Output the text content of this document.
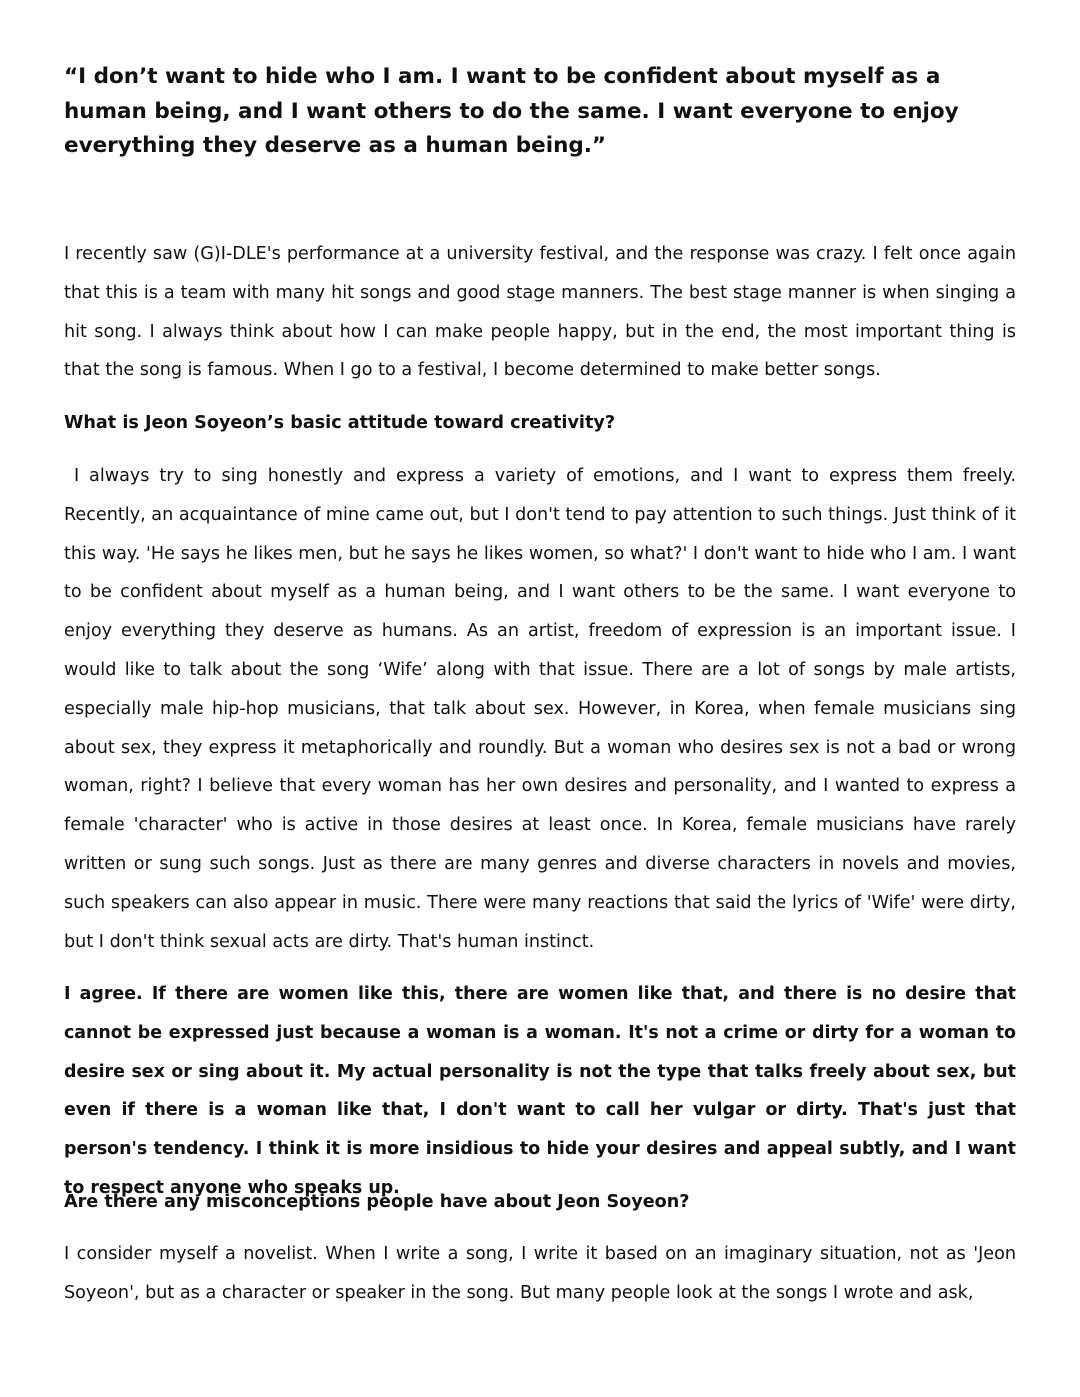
“I don’t want to hide who I am. I want to be confident about myself as a human being, and I want others to do the same. I want everyone to enjoy everything they deserve as a human being.”

I recently saw (G)I-DLE's performance at a university festival, and the response was crazy. I felt once again that this is a team with many hit songs and good stage manners. The best stage manner is when singing a hit song. I always think about how I can make people happy, but in the end, the most important thing is that the song is famous. When I go to a festival, I become determined to make better songs.

What is Jeon Soyeon’s basic attitude toward creativity?

I always try to sing honestly and express a variety of emotions, and I want to express them freely. Recently, an acquaintance of mine came out, but I don't tend to pay attention to such things. Just think of it this way. 'He says he likes men, but he says he likes women, so what?' I don't want to hide who I am. I want to be confident about myself as a human being, and I want others to be the same. I want everyone to enjoy everything they deserve as humans. As an artist, freedom of expression is an important issue. I would like to talk about the song ‘Wife’ along with that issue. There are a lot of songs by male artists, especially male hip-hop musicians, that talk about sex. However, in Korea, when female musicians sing about sex, they express it metaphorically and roundly. But a woman who desires sex is not a bad or wrong woman, right? I believe that every woman has her own desires and personality, and I wanted to express a female 'character' who is active in those desires at least once. In Korea, female musicians have rarely written or sung such songs. Just as there are many genres and diverse characters in novels and movies, such speakers can also appear in music. There were many reactions that said the lyrics of 'Wife' were dirty, but I don't think sexual acts are dirty. That's human instinct.

I agree. If there are women like this, there are women like that, and there is no desire that cannot be expressed just because a woman is a woman. It's not a crime or dirty for a woman to desire sex or sing about it. My actual personality is not the type that talks freely about sex, but even if there is a woman like that, I don't want to call her vulgar or dirty. That's just that person's tendency. I think it is more insidious to hide your desires and appeal subtly, and I want to respect anyone who speaks up.

Are there any misconceptions people have about Jeon Soyeon?

I consider myself a novelist. When I write a song, I write it based on an imaginary situation, not as 'Jeon Soyeon', but as a character or speaker in the song. But many people look at the songs I wrote and ask,
